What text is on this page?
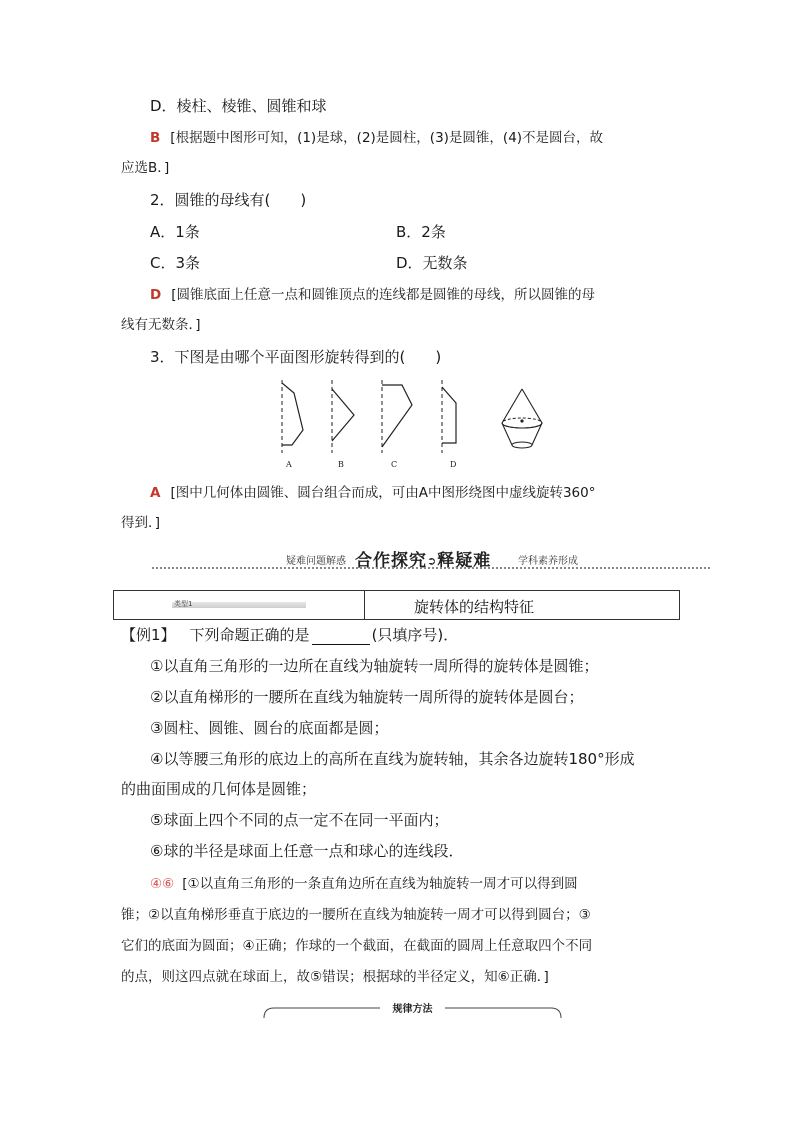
D．棱柱、棱锥、圆锥和球
B [根据题中图形可知，(1)是球，(2)是圆柱，(3)是圆锥，(4)不是圆台，故
应选B．]
2．圆锥的母线有(　　)
A．1条	B．2条
C．3条	D．无数条
D [圆锥底面上任意一点和圆锥顶点的连线都是圆锥的母线，所以圆锥的母
线有无数条．]
3．下图是由哪个平面图形旋转得到的(　　)
A	B	C	D
A [图中几何体由圆锥、圆台组合而成，可由A中图形绕图中虚线旋转360°
得到．]
疑难问题解惑 合作探究➲释疑难	学科素养形成
类型1	旋转体的结构特征
【例1】 下列命题正确的是	(只填序号)．
①以直角三角形的一边所在直线为轴旋转一周所得的旋转体是圆锥；
②以直角梯形的一腰所在直线为轴旋转一周所得的旋转体是圆台；
③圆柱、圆锥、圆台的底面都是圆；
④以等腰三角形的底边上的高所在直线为旋转轴，其余各边旋转180°形成
的曲面围成的几何体是圆锥；
⑤球面上四个不同的点一定不在同一平面内；
⑥球的半径是球面上任意一点和球心的连线段．
④⑥ [①以直角三角形的一条直角边所在直线为轴旋转一周才可以得到圆
锥；②以直角梯形垂直于底边的一腰所在直线为轴旋转一周才可以得到圆台；③
它们的底面为圆面；④正确；作球的一个截面，在截面的圆周上任意取四个不同
的点，则这四点就在球面上，故⑤错误；根据球的半径定义，知⑥正确．]
规律方法
